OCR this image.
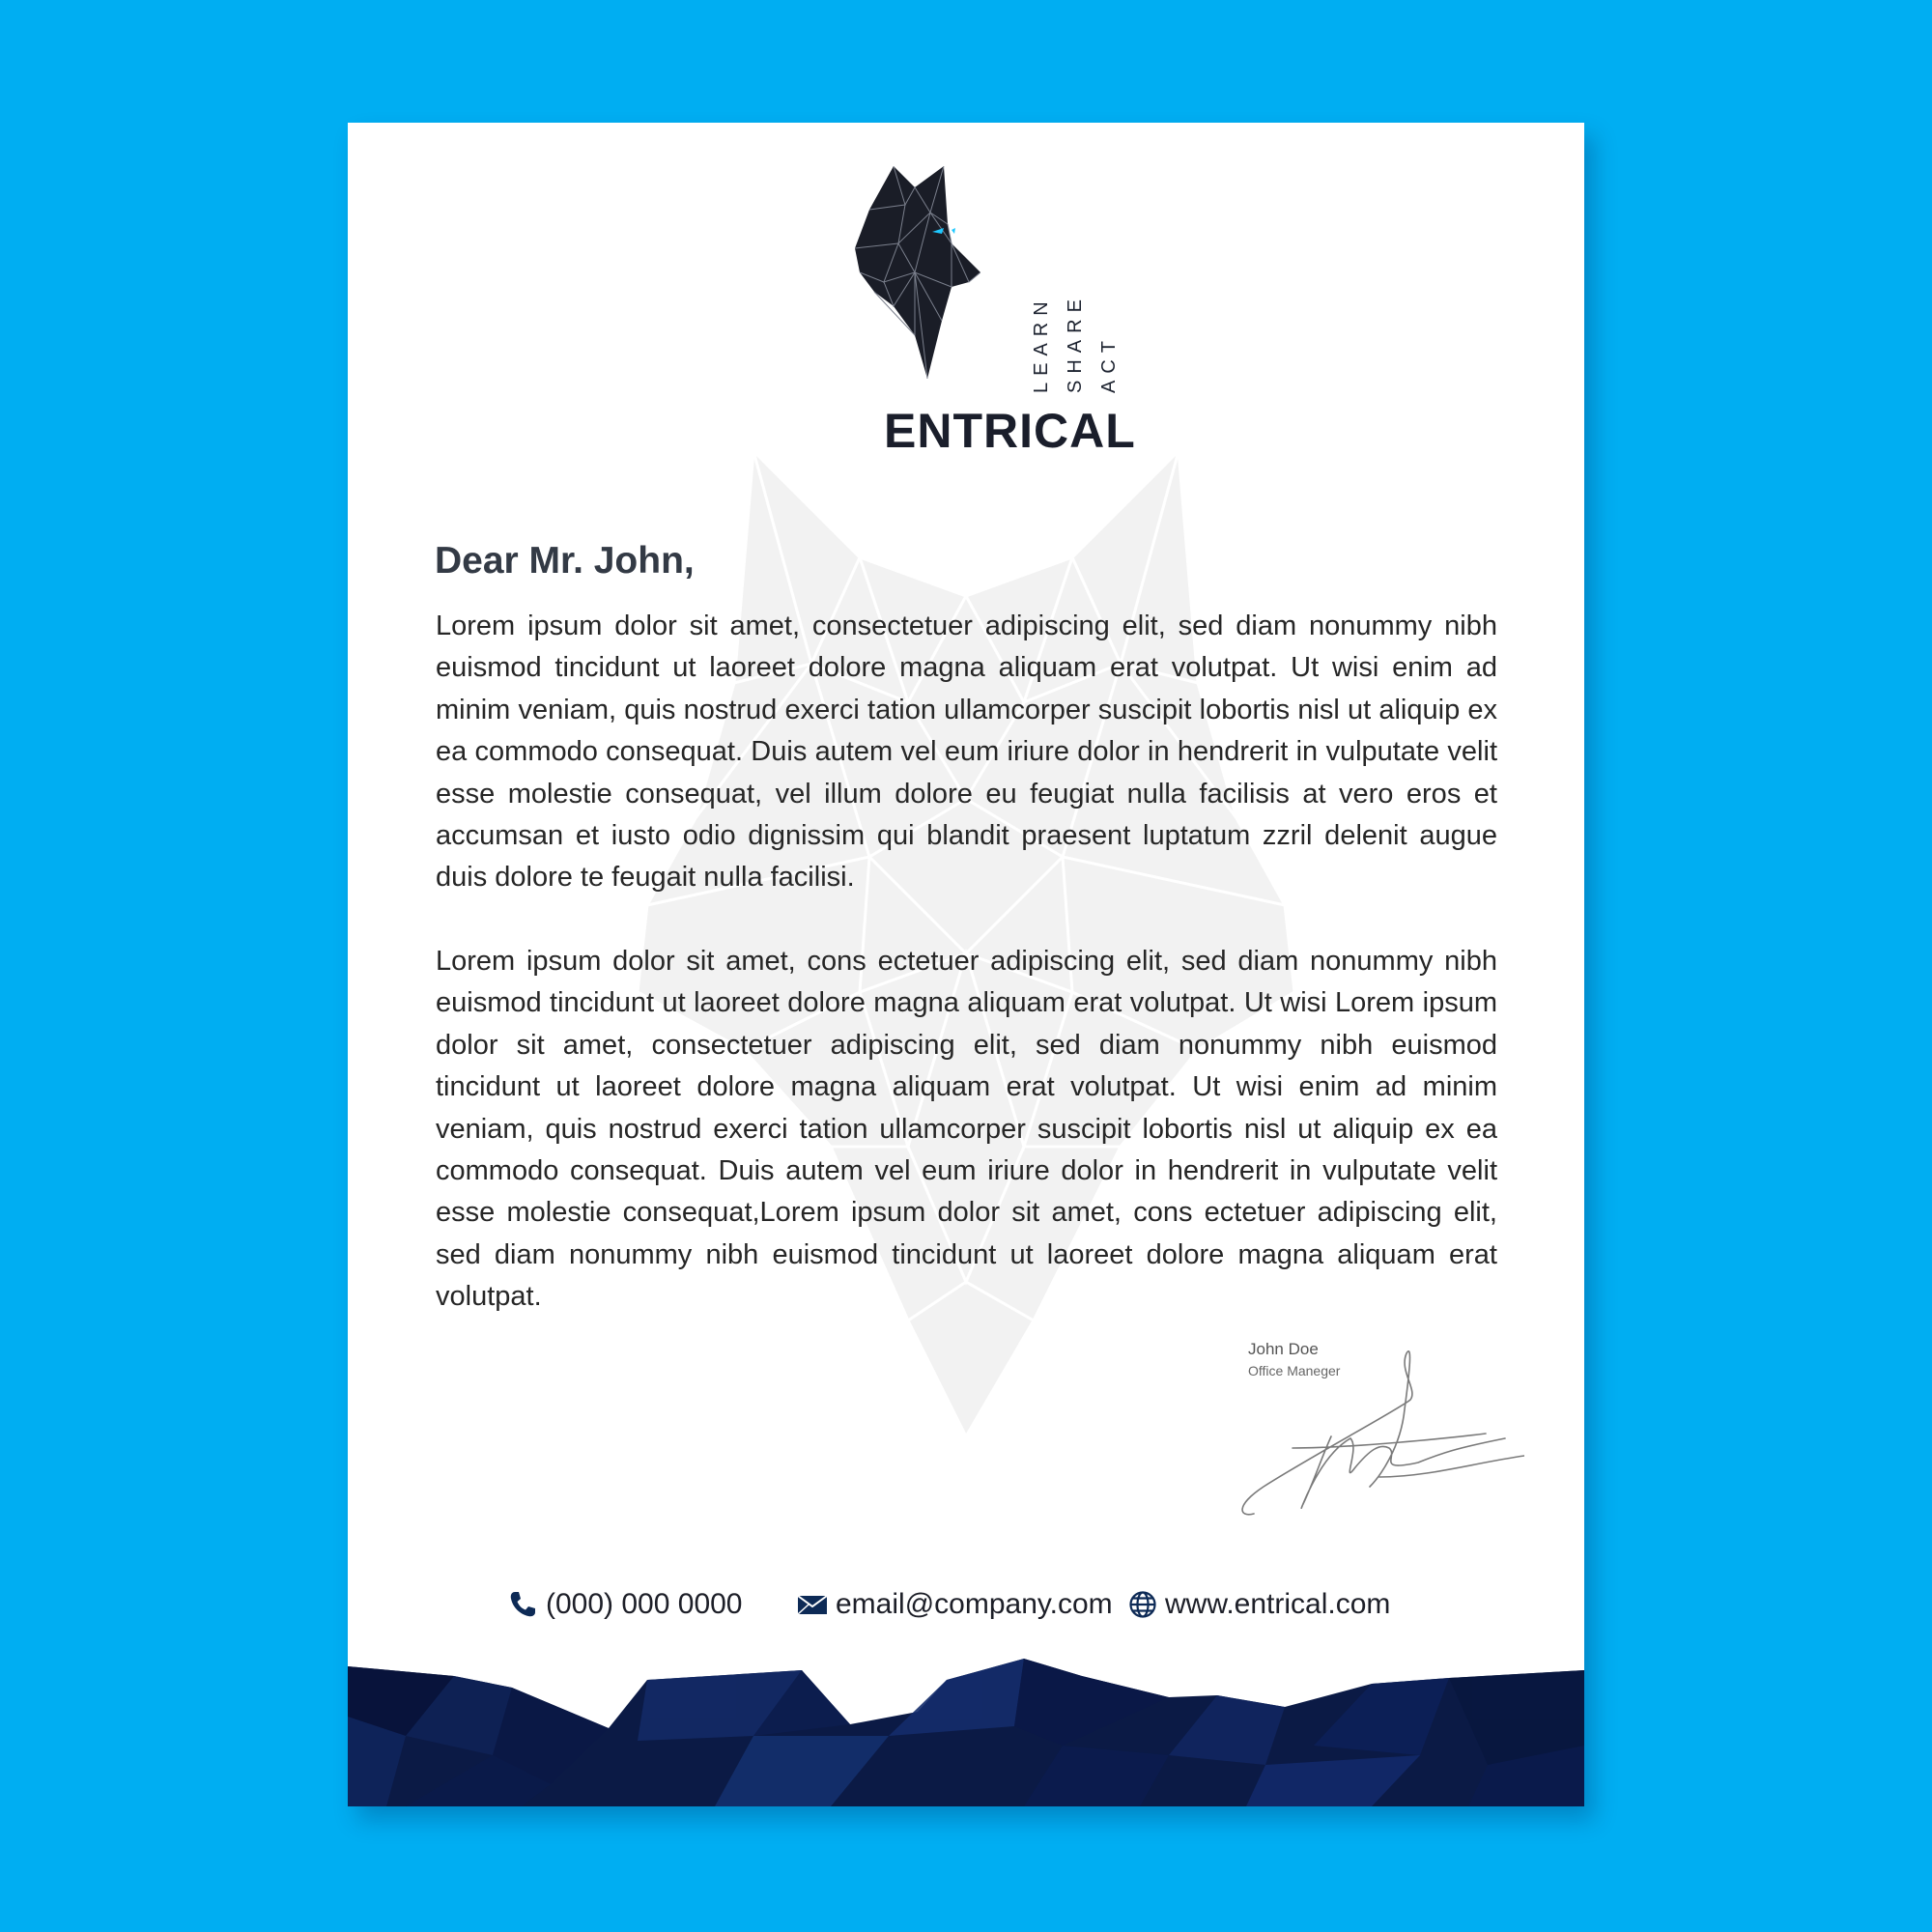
LEARN SHARE ACT
ENTRICAL
Dear Mr. John,
Lorem ipsum dolor sit amet, consectetuer adipiscing elit, sed diam nonummy nibh euismod tincidunt ut laoreet dolore magna aliquam erat volutpat. Ut wisi enim ad minim veniam, quis nostrud exerci tation ullamcorper suscipit lobortis nisl ut aliquip ex ea commodo consequat. Duis autem vel eum iriure dolor in hendrerit in vulputate velit esse molestie consequat, vel illum dolore eu feugiat nulla facilisis at vero eros et accumsan et iusto odio dignissim qui blandit praesent luptatum zzril delenit augue duis dolore te feugait nulla facilisi.
Lorem ipsum dolor sit amet, cons ectetuer adipiscing elit, sed diam nonummy nibh euismod tincidunt ut laoreet dolore magna aliquam erat volutpat. Ut wisi Lorem ipsum dolor sit amet, consectetuer adipiscing elit, sed diam nonummy nibh euismod tincidunt ut laoreet dolore magna aliquam erat volutpat. Ut wisi enim ad minim veniam, quis nostrud exerci tation ullamcorper suscipit lobortis nisl ut aliquip ex ea commodo consequat. Duis autem vel eum iriure dolor in hendrerit in vulputate velit esse molestie consequat,Lorem ipsum dolor sit amet, cons ectetuer adipiscing elit, sed diam nonummy nibh euismod tincidunt ut laoreet dolore magna aliquam erat volutpat.
John Doe
Office Maneger
(000) 000 0000	email@company.com www.entrical.com
